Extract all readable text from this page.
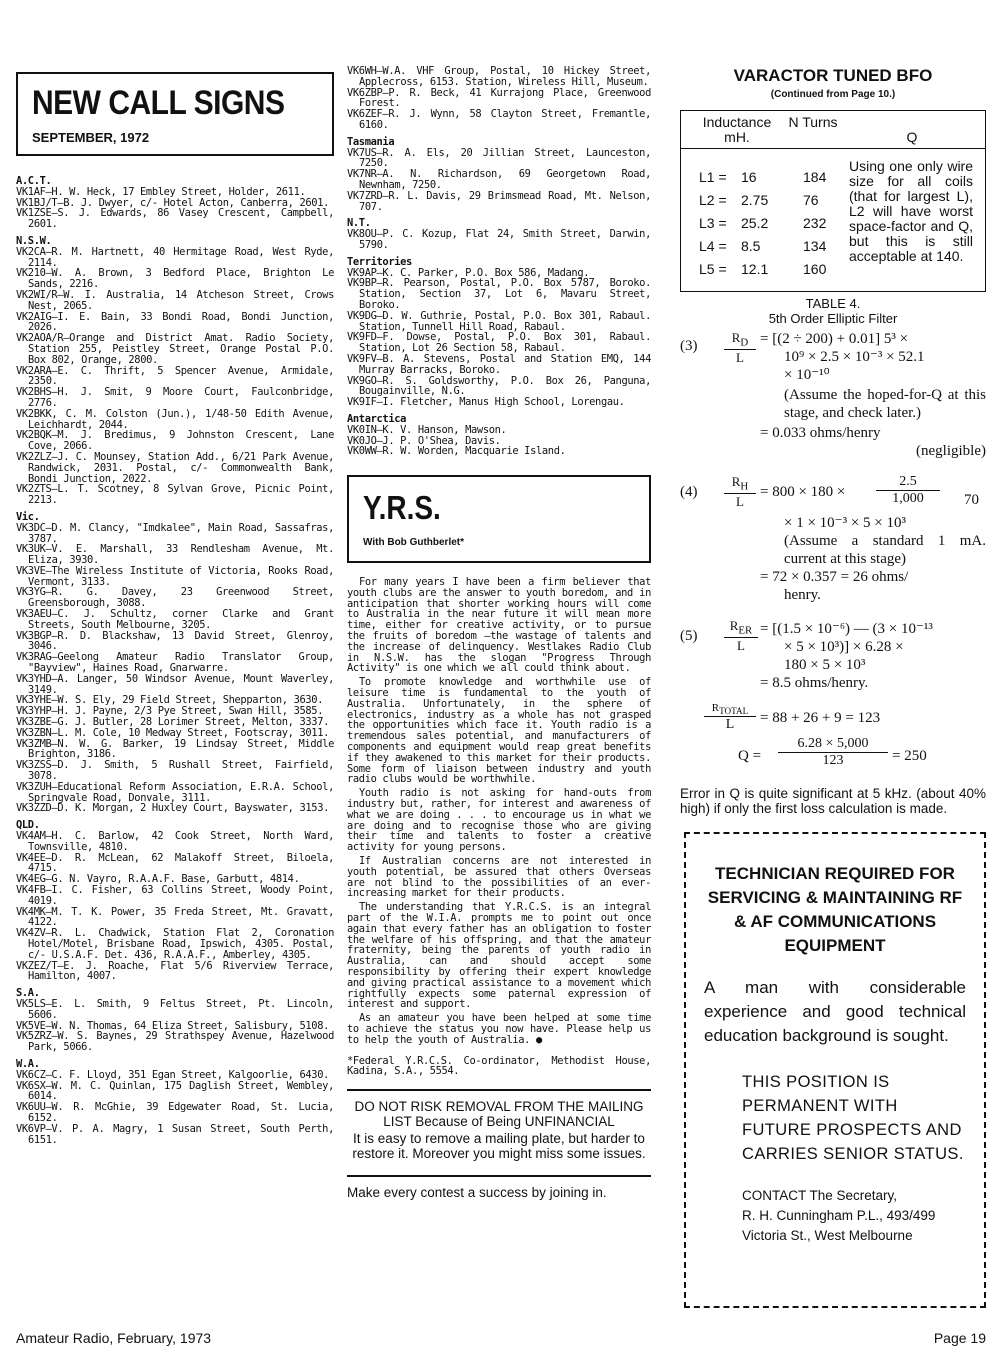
NEW CALL SIGNS
SEPTEMBER, 1972
A.C.T.
VK1AF—H. W. Heck, 17 Embley Street, Holder, 2611.
VK1BJ/T—B. J. Dwyer, c/- Hotel Acton, Canberra, 2601.
VK1ZSE—S. J. Edwards, 86 Vasey Crescent, Campbell, 2601.
N.S.W.
VK2CA—R. M. Hartnett, 40 Hermitage Road, West Ryde, 2114.
VK210—W. A. Brown, 3 Bedford Place, Brighton Le Sands, 2216.
VK2WI/R—W. I. Australia, 14 Atcheson Street, Crows Nest, 2065.
VK2AIG—I. E. Bain, 33 Bondi Road, Bondi Junction, 2026.
VK2AOA/R—Orange and District Amat. Radio Society, Station 255, Peistley Street, Orange Postal P.O. Box 802, Orange, 2800.
VK2ARA—E. C. Thrift, 5 Spencer Avenue, Armidale, 2350.
VK2BHS—H. J. Smit, 9 Moore Court, Faulconbridge, 2776.
VK2BKK, C. M. Colston (Jun.), 1/48-50 Edith Avenue, Leichhardt, 2044.
VK2BQK—M. J. Bredimus, 9 Johnston Crescent, Lane Cove, 2066.
VK2ZLZ—J. C. Mounsey, Station Add., 6/21 Park Avenue, Randwick, 2031. Postal, c/- Commonwealth Bank, Bondi Junction, 2022.
VK2ZTS—L. T. Scotney, 8 Sylvan Grove, Picnic Point, 2213.
Vic.
VK3DC—D. M. Clancy, "Imdkalee", Main Road, Sassafras, 3787.
VK3UK—V. E. Marshall, 33 Rendlesham Avenue, Mt. Eliza, 3930.
VK3VE—The Wireless Institute of Victoria, Rooks Road, Vermont, 3133.
VK3YG—R. G. Davey, 23 Greenwood Street, Greensborough, 3088.
VK3AEU—C. J. Schultz, corner Clarke and Grant Streets, South Melbourne, 3205.
VK3BGP—R. D. Blackshaw, 13 David Street, Glenroy, 3046.
VK3RAG—Geelong Amateur Radio Translator Group, "Bayview", Haines Road, Gnarwarre.
VK3YHD—A. Langer, 50 Windsor Avenue, Mount Waverley, 3149.
VK3YHE—W. S. Ely, 29 Field Street, Shepparton, 3630.
VK3YHP—H. J. Payne, 2/3 Pye Street, Swan Hill, 3585.
VK3ZBE—G. J. Butler, 28 Lorimer Street, Melton, 3337.
VK3ZBN—L. M. Cole, 10 Medway Street, Footscray, 3011.
VK3ZMB—N. W. G. Barker, 19 Lindsay Street, Middle Brighton, 3186.
VK3ZSS—D. J. Smith, 5 Rushall Street, Fairfield, 3078.
VK3ZUH—Educational Reform Association, E.R.A. School, Springvale Road, Donvale, 3111.
VK3ZZD—D. K. Morgan, 2 Huxley Court, Bayswater, 3153.
QLD.
VK4AM—H. C. Barlow, 42 Cook Street, North Ward, Townsville, 4810.
VK4EE—D. R. McLean, 62 Malakoff Street, Biloela, 4715.
VK4EG—G. N. Vayro, R.A.A.F. Base, Garbutt, 4814.
VK4FB—I. C. Fisher, 63 Collins Street, Woody Point, 4019.
VK4MK—M. T. K. Power, 35 Freda Street, Mt. Gravatt, 4122.
VK4ZV—R. L. Chadwick, Station Flat 2, Coronation Hotel/Motel, Brisbane Road, Ipswich, 4305. Postal, c/- U.S.A.F. Det. 436, R.A.A.F., Amberley, 4305.
VKZEZ/T—E. J. Roache, Flat 5/6 Riverview Terrace, Hamilton, 4007.
S.A.
VK5LS—E. L. Smith, 9 Feltus Street, Pt. Lincoln, 5606.
VK5VE—W. N. Thomas, 64 Eliza Street, Salisbury, 5108.
VK5ZRZ—W. S. Baynes, 29 Strathspey Avenue, Hazelwood Park, 5066.
W.A.
VK6CZ—C. F. Lloyd, 351 Egan Street, Kalgoorlie, 6430.
VK6SX—W. M. C. Quinlan, 175 Daglish Street, Wembley, 6014.
VK6UU—W. R. McGhie, 39 Edgewater Road, St. Lucia, 6152.
VK6VP—V. P. A. Magry, 1 Susan Street, South Perth, 6151.
VK6WH—W.A. VHF Group, Postal, 10 Hickey Street, Applecross, 6153. Station, Wireless Hill, Museum.
VK6ZBP—P. R. Beck, 41 Kurrajong Place, Greenwood Forest.
VK6ZEF—R. J. Wynn, 58 Clayton Street, Fremantle, 6160.
Tasmania
VK7US—R. A. Els, 20 Jillian Street, Launceston, 7250.
VK7NR—A. N. Richardson, 69 Georgetown Road, Newnham, 7250.
VK7ZRD—R. L. Davis, 29 Brimsmead Road, Mt. Nelson, 707.
N.T.
VK8OU—P. C. Kozup, Flat 24, Smith Street, Darwin, 5790.
Territories
VK9AP—K. C. Parker, P.O. Box 586, Madang.
VK9BP—R. Pearson, Postal, P.O. Box 5787, Boroko. Station, Section 37, Lot 6, Mavaru Street, Boroko.
VK9DG—D. W. Guthrie, Postal, P.O. Box 301, Rabaul. Station, Tunnell Hill Road, Rabaul.
VK9FD—F. Dowse, Postal, P.O. Box 301, Rabaul. Station, Lot 26 Section 58, Rabaul.
VK9FV—B. A. Stevens, Postal and Station EMQ, 144 Murray Barracks, Boroko.
VK9GO—R. S. Goldsworthy, P.O. Box 26, Panguna, Bougainville, N.G.
VK9IF—I. Fletcher, Manus High School, Lorengau.
Antarctica
VK0IN—K. V. Hanson, Mawson.
VK0JO—J. P. O'Shea, Davis.
VK0WW—R. W. Worden, Macquarie Island.
Y.R.S.
With Bob Guthberlet*
For many years I have been a firm believer that youth clubs are the answer to youth boredom, and in anticipation that shorter working hours will come to Australia in the near future it will mean more time, either for creative activity, or to pursue the fruits of boredom —the wastage of talents and the increase of delinquency. Westlakes Radio Club in N.S.W. has the slogan "Progress Through Activity" is one which we all could think about.
To promote knowledge and worthwhile use of leisure time is fundamental to the youth of Australia. Unfortunately, in the sphere of electronics, industry as a whole has not grasped the opportunities which face it. Youth radio is a tremendous sales potential, and manufacturers of components and equipment would reap great benefits if they awakened to this market for their products. Some form of liaison between industry and youth radio clubs would be worthwhile.
Youth radio is not asking for hand-outs from industry but, rather, for interest and awareness of what we are doing . . . to encourage us in what we are doing and to recognise those who are giving their time and talents to foster a creative activity for young persons.
If Australian concerns are not interested in youth potential, be assured that others Overseas are not blind to the possibilities of an ever-increasing market for their products.
The understanding that Y.R.C.S. is an integral part of the W.I.A. prompts me to point out once again that every father has an obligation to foster the welfare of his offspring, and that the amateur fraternity, being the parents of youth radio in Australia, can and should accept some responsibility by offering their expert knowledge and giving practical assistance to a movement which rightfully expects some paternal expression of interest and support.
As an amateur you have been helped at some time to achieve the status you now have. Please help us to help the youth of Australia. ●
*Federal Y.R.C.S. Co-ordinator, Methodist House, Kadina, S.A., 5554.
DO NOT RISK REMOVAL FROM THE MAILING LIST Because of Being UNFINANCIAL
It is easy to remove a mailing plate, but harder to restore it. Moreover you might miss some issues.
Make every contest a success by joining in.
VARACTOR TUNED BFO
(Continued from Page 10.)
Inductance mH.
N Turns
Q
L1 = 16	184
L2 = 2.75 76
L3 = 25.2 232
L4 = 8.5	134
L5 = 12.1 160
Using one only wire size for all coils (that for largest L), L2 will have worst space-factor and Q, but this is still acceptable at 140.
TABLE 4.
5th Order Elliptic Filter
$(3) \frac{R_D}{L} = [(2 \div 200) + 0.01] 5^3$ ×
10⁹ × 2.5 × 10⁻³ × 52.1
× 10⁻¹⁰
(Assume the hoped-for-Q at this stage, and check later.)
= 0.033 ohms/henry
(negligible)
$(4) \frac{R_H}{L} = 800 \times 180 \times \frac{2.5}{1,000} 70$
× 1 × 10⁻³ × 5 × 10³
(Assume a standard 1 mA. current at this stage)
= 72 × 0.357 = 26 ohms/
henry.
(5)
$R_{ER}$
L
= [(1.5 × 10⁻⁶) — (3 × 10⁻¹³
× 5 × 10³)] × 6.28 ×
180 × 5 × 10³
= 8.5 ohms/henry.
$R_{TOTAL}$
L	= 88 + 26 + 9 = 123
$Q = \frac{6.28 \times 5,000}{123} = 250$
Error in Q is quite significant at 5 kHz. (about 40% high) if only the first loss calculation is made.
TECHNICIAN REQUIRED FOR SERVICING & MAINTAINING RF & AF COMMUNICATIONS EQUIPMENT
A man with considerable experience and good technical education background is sought.
THIS POSITION IS PERMANENT WITH FUTURE PROSPECTS AND CARRIES SENIOR STATUS.
CONTACT The Secretary,
R. H. Cunningham P.L., 493/499
Victoria St., West Melbourne
Amateur Radio, February, 1973	Page 19
